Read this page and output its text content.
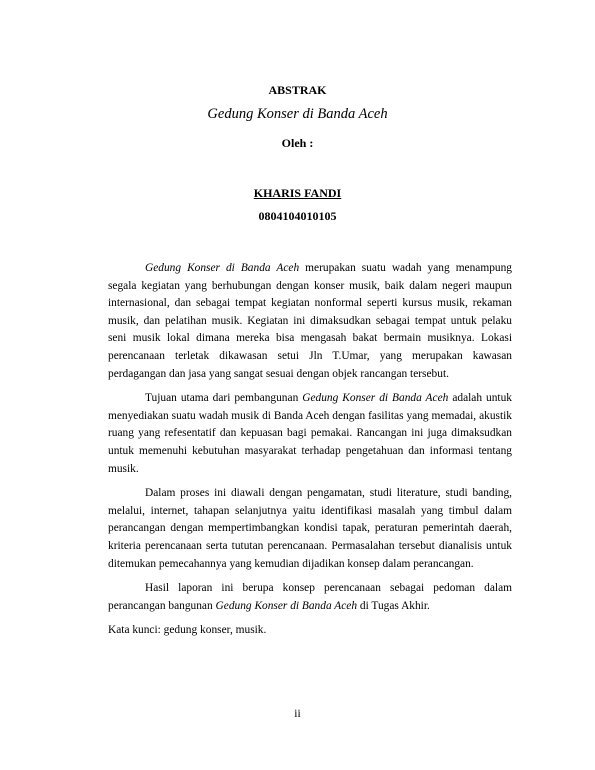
ABSTRAK
Gedung Konser di Banda Aceh
Oleh :
KHARIS FANDI
0804104010105

Gedung Konser di Banda Aceh merupakan suatu wadah yang menampung segala kegiatan yang berhubungan dengan konser musik, baik dalam negeri maupun internasional, dan sebagai tempat kegiatan nonformal seperti kursus musik, rekaman musik, dan pelatihan musik. Kegiatan ini dimaksudkan sebagai tempat untuk pelaku seni musik lokal dimana mereka bisa mengasah bakat bermain musiknya. Lokasi perencanaan terletak dikawasan setui Jln T.Umar, yang merupakan kawasan perdagangan dan jasa yang sangat sesuai dengan objek rancangan tersebut.

Tujuan utama dari pembangunan Gedung Konser di Banda Aceh adalah untuk menyediakan suatu wadah musik di Banda Aceh dengan fasilitas yang memadai, akustik ruang yang refesentatif dan kepuasan bagi pemakai. Rancangan ini juga dimaksudkan untuk memenuhi kebutuhan masyarakat terhadap pengetahuan dan informasi tentang musik.

Dalam proses ini diawali dengan pengamatan, studi literature, studi banding, melalui, internet, tahapan selanjutnya yaitu identifikasi masalah yang timbul dalam perancangan dengan mempertimbangkan kondisi tapak, peraturan pemerintah daerah, kriteria perencanaan serta tututan perencanaan. Permasalahan tersebut dianalisis untuk ditemukan pemecahannya yang kemudian dijadikan konsep dalam perancangan.

Hasil laporan ini berupa konsep perencanaan sebagai pedoman dalam perancangan bangunan Gedung Konser di Banda Aceh di Tugas Akhir.

Kata kunci: gedung konser, musik.

ii
